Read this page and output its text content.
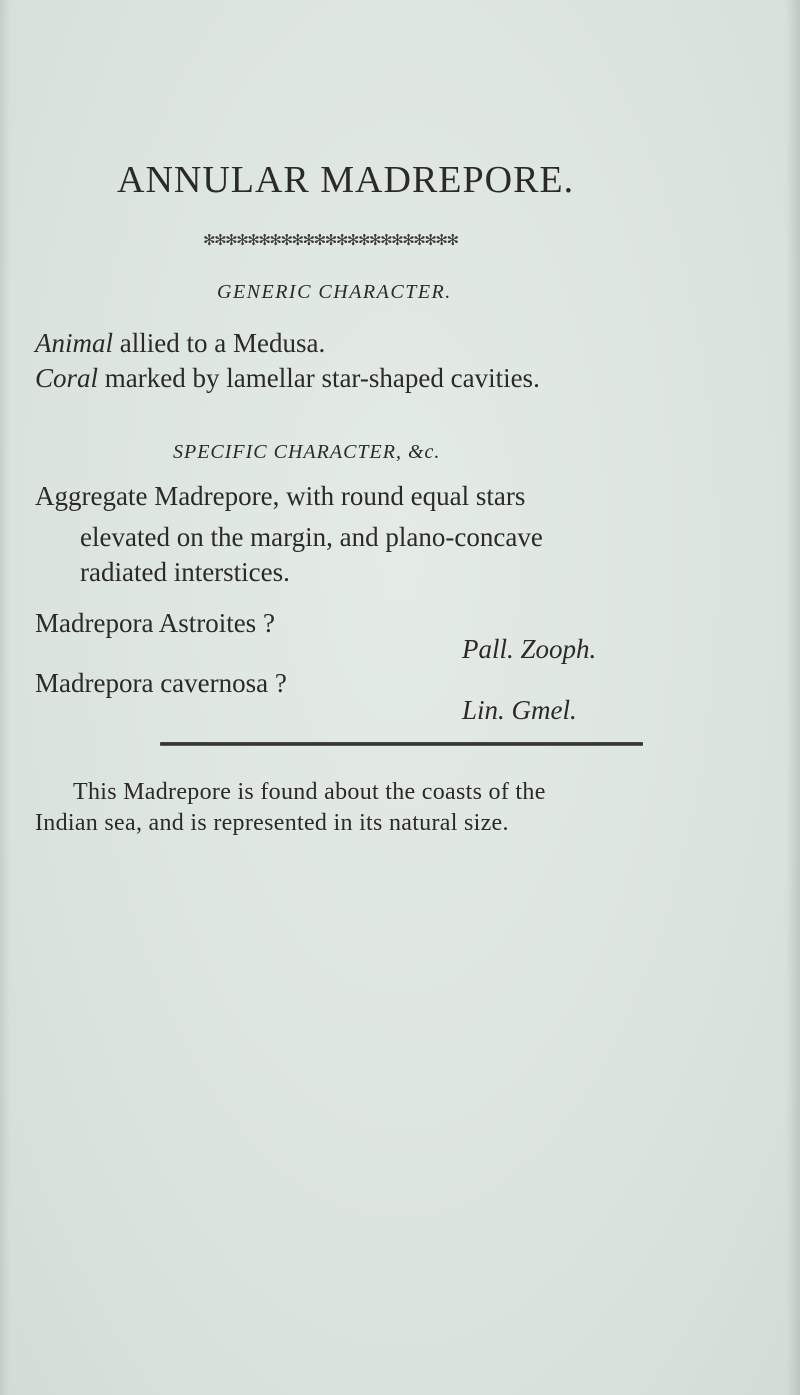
ANNULAR MADREPORE.
✻✻✻✻✻✻✻✻✻✻✻✻✻✻✻✻✻✻✻✻✻✻✻
GENERIC CHARACTER.
Animal allied to a Medusa.
Coral marked by lamellar star-shaped cavities.
SPECIFIC CHARACTER, &c.
Aggregate Madrepore, with round equal stars
elevated on the margin, and plano-concave
radiated interstices.
Madrepora Astroites ?
Pall. Zooph.
Madrepora cavernosa ?
Lin. Gmel.
This Madrepore is found about the coasts of the
Indian sea, and is represented in its natural size.
